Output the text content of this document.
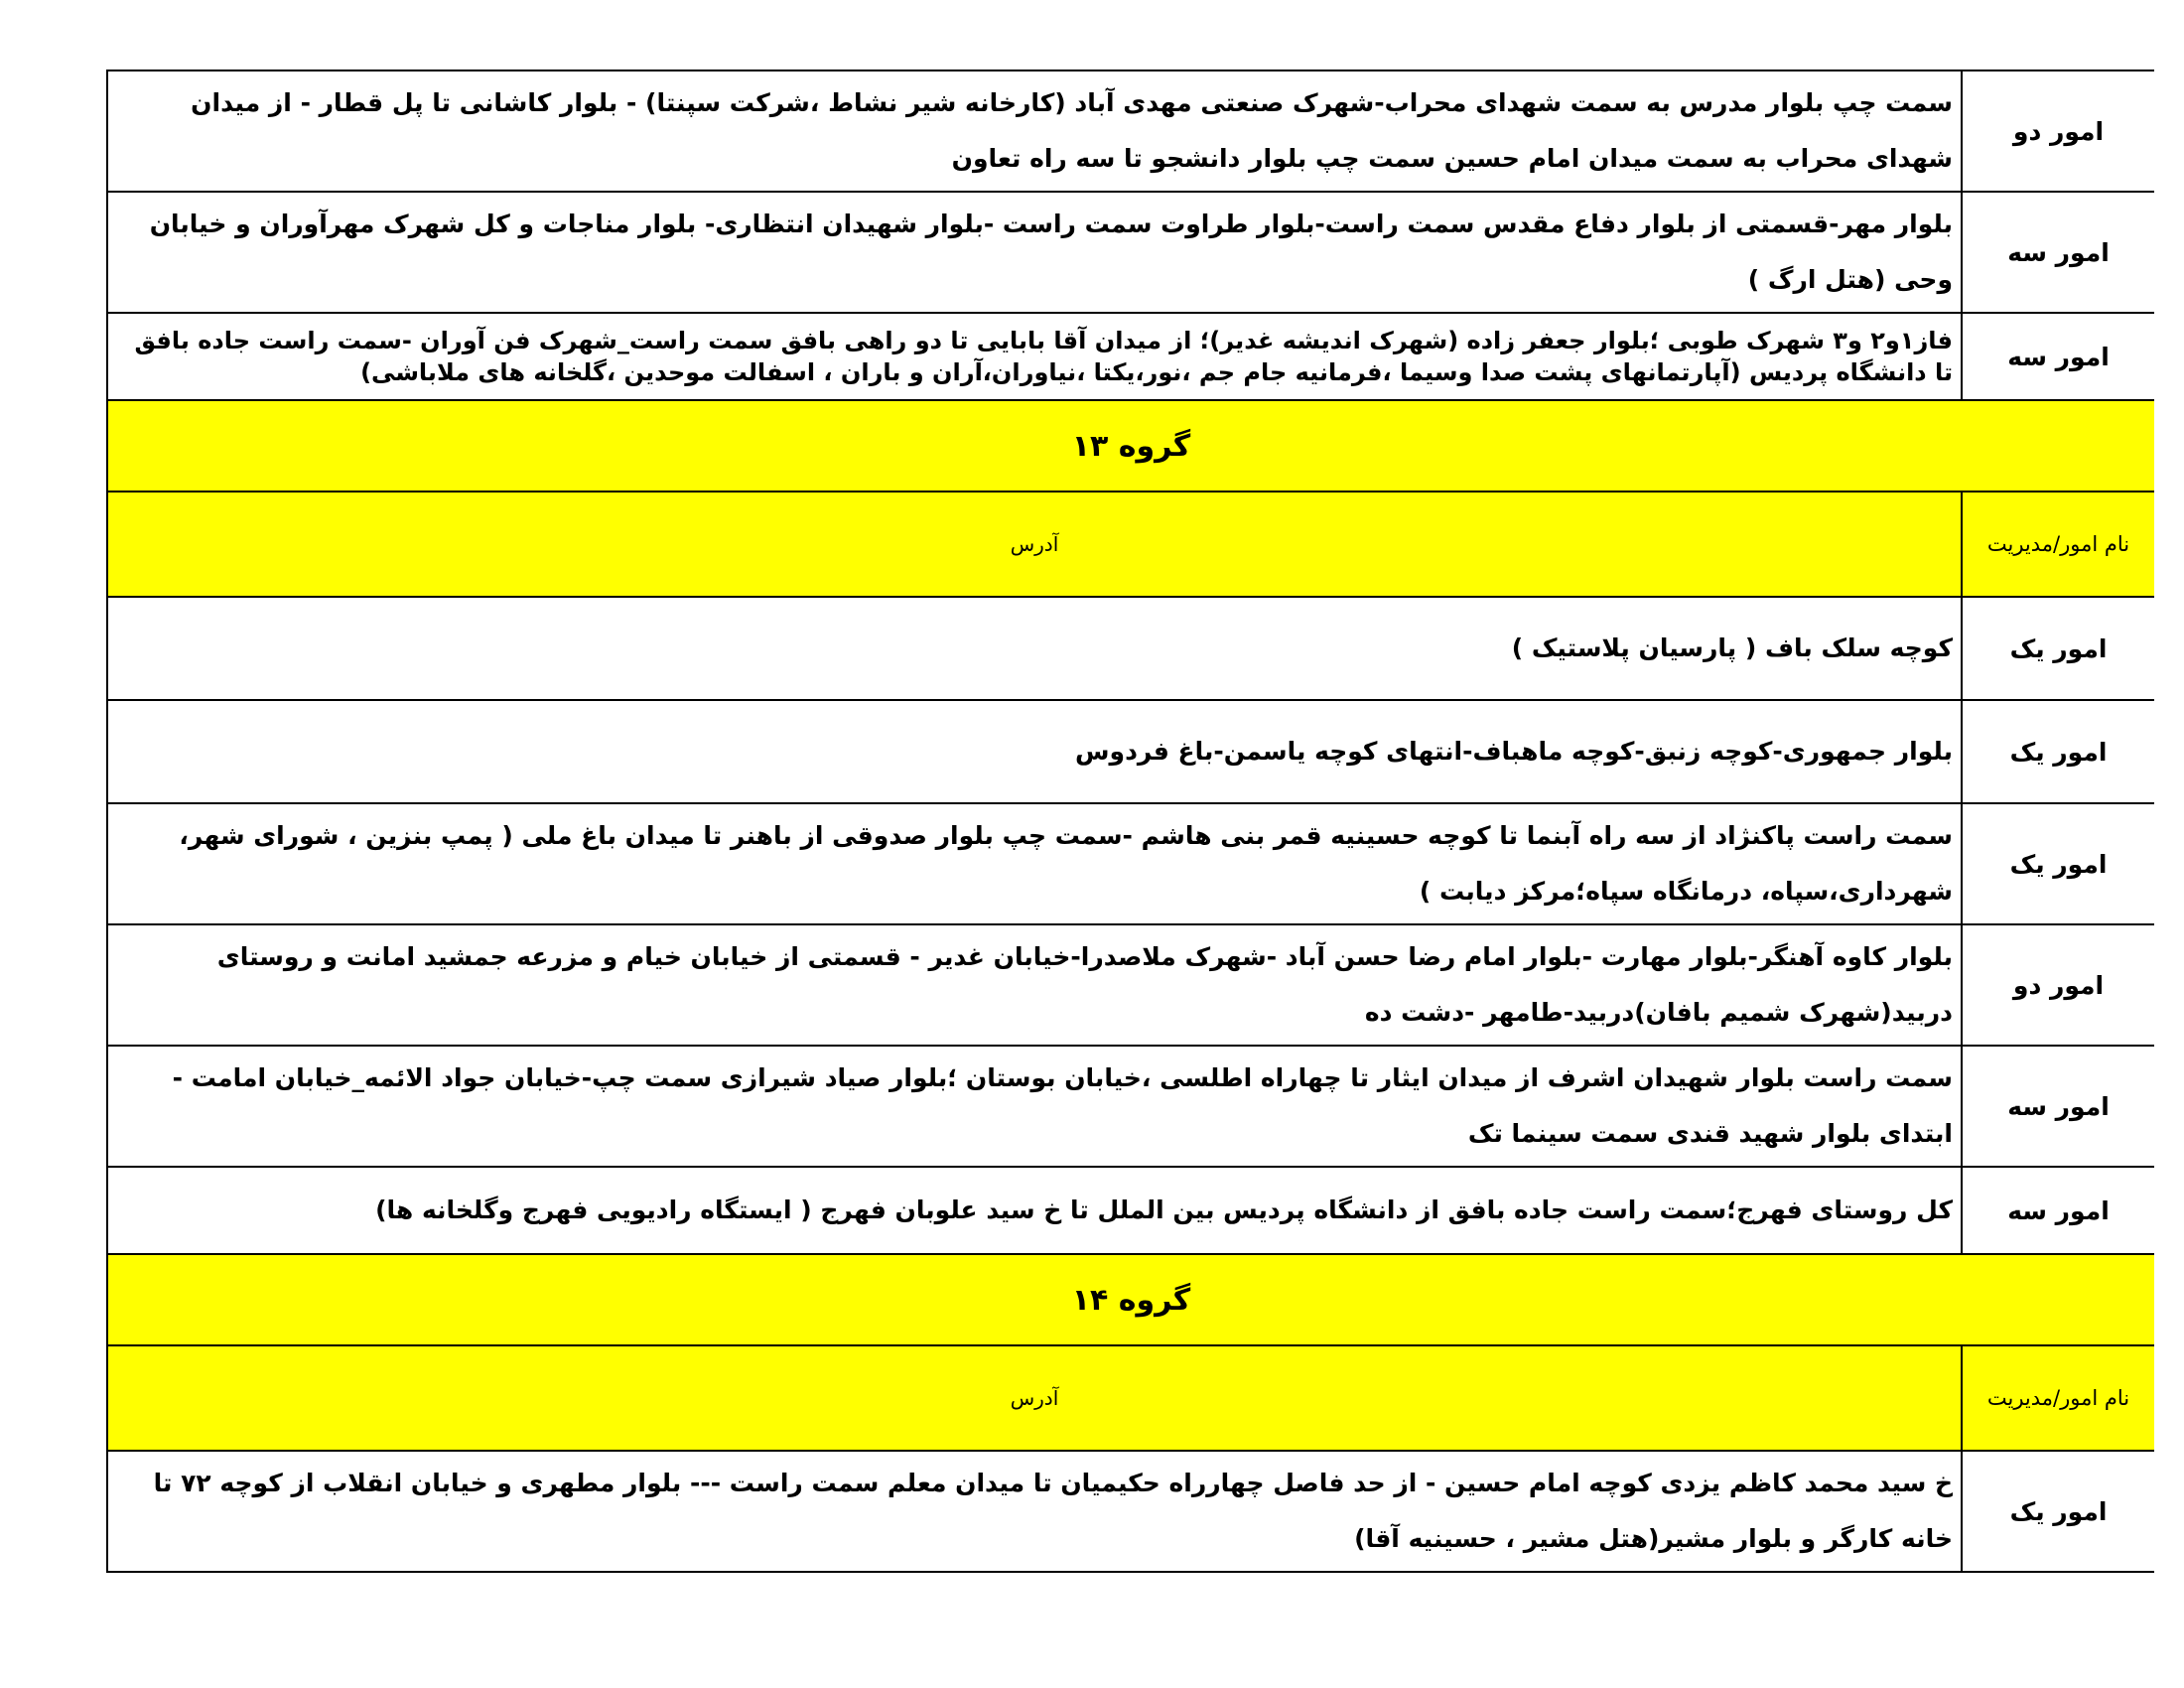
امور دو	سمت چپ بلوار مدرس به سمت شهدای محراب-شهرک صنعتی مهدی آباد (کارخانه شیر نشاط ،شرکت سپنتا) - بلوار کاشانی تا پل قطار - از میدان شهدای محراب به سمت میدان امام حسین سمت چپ بلوار دانشجو تا سه راه تعاون
امور سه	بلوار مهر-قسمتی از بلوار دفاع مقدس سمت راست-بلوار طراوت سمت راست -بلوار شهیدان انتظاری- بلوار مناجات و کل شهرک مهرآوران و خیابان وحی (هتل ارگ )
امور سه	فاز۱و۲ و۳ شهرک طوبی ؛بلوار جعفر زاده (شهرک اندیشه غدیر)؛ از میدان آقا بابایی تا دو راهی بافق سمت راست_شهرک فن آوران -سمت راست جاده بافق تا دانشگاه پردیس (آپارتمانهای پشت صدا وسیما ،فرمانیه جام جم ،نور،یکتا ،نیاوران،آران و باران ، اسفالت موحدین ،گلخانه های ملاباشی)
گروه ۱۳	
نام امور/مدیریت	آدرس
امور یک	کوچه سلک باف ( پارسیان پلاستیک )
امور یک	بلوار جمهوری-کوچه زنبق-کوچه ماهباف-انتهای کوچه یاسمن-باغ فردوس
امور یک	سمت راست پاکنژاد از سه راه آبنما تا کوچه حسینیه قمر بنی هاشم -سمت چپ بلوار صدوقی از باهنر تا میدان باغ ملی ( پمپ بنزین ، شورای شهر، شهرداری،سپاه، درمانگاه سپاه؛مرکز دیابت )
امور دو	بلوار کاوه آهنگر-بلوار مهارت -بلوار امام رضا حسن آباد -شهرک ملاصدرا-خیابان غدیر - قسمتی از خیابان خیام و مزرعه جمشید امانت و روستای دربید(شهرک شمیم بافان)دربید-طامهر -دشت ده
امور سه	سمت راست بلوار شهیدان اشرف از میدان ایثار تا چهاراه اطلسی ،خیابان بوستان ؛بلوار صیاد شیرازی سمت چپ-خیابان جواد الائمه_خیابان امامت - ابتدای بلوار شهید قندی سمت سینما تک
امور سه	کل روستای فهرج؛سمت راست جاده بافق از دانشگاه پردیس بین الملل تا خ سید علوبان فهرج ( ایستگاه رادیویی فهرج وگلخانه ها)
گروه ۱۴	
نام امور/مدیریت	آدرس
امور یک	خ سید محمد کاظم یزدی کوچه امام حسین - از حد فاصل چهارراه حکیمیان تا میدان معلم سمت راست --- بلوار مطهری و خیابان انقلاب از کوچه ۷۲ تا خانه کارگر و بلوار مشیر(هتل مشیر ، حسینیه آقا)
